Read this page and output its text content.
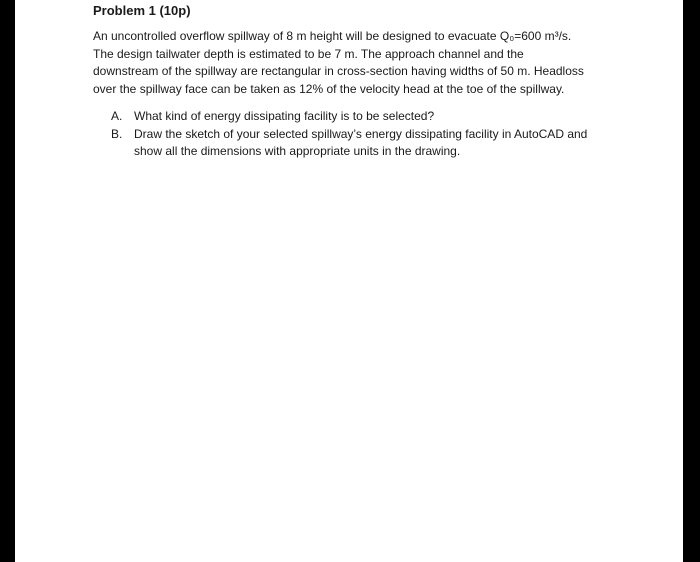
Problem 1 (10p)
An uncontrolled overflow spillway of 8 m height will be designed to evacuate Q₀=600 m³/s.
The design tailwater depth is estimated to be 7 m. The approach channel and the
downstream of the spillway are rectangular in cross-section having widths of 50 m. Headloss
over the spillway face can be taken as 12% of the velocity head at the toe of the spillway.
A. What kind of energy dissipating facility is to be selected?
B. Draw the sketch of your selected spillway’s energy dissipating facility in AutoCAD and
show all the dimensions with appropriate units in the drawing.
